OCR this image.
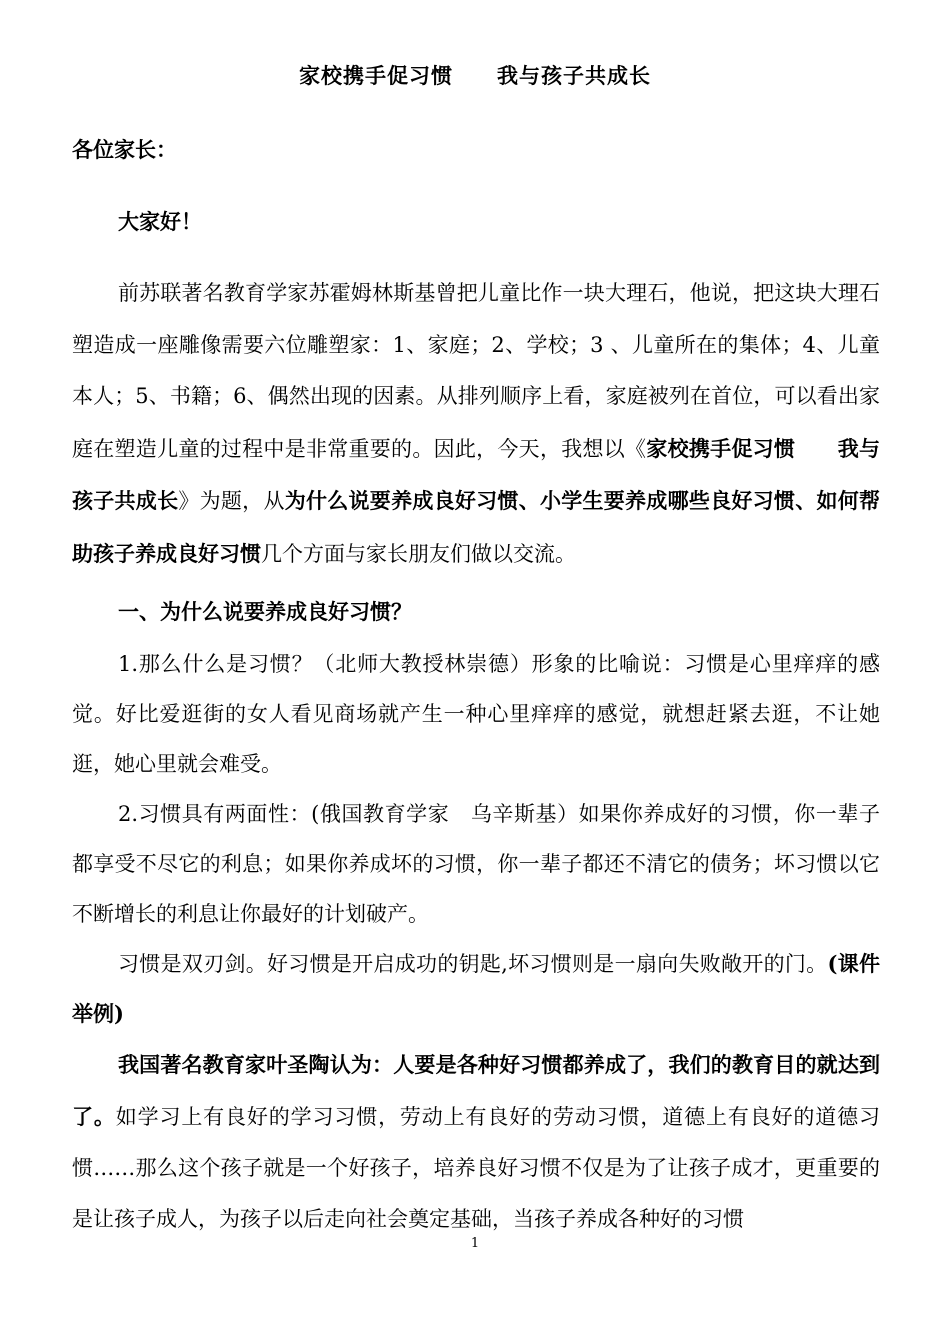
家校携手促习惯　　我与孩子共成长
各位家长：
大家好！
前苏联著名教育学家苏霍姆林斯基曾把儿童比作一块大理石，他说，把这块大理石塑造成一座雕像需要六位雕塑家：1、家庭；2、学校；3 、儿童所在的集体；4、儿童本人；5、书籍；6、偶然出现的因素。从排列顺序上看，家庭被列在首位，可以看出家庭在塑造儿童的过程中是非常重要的。因此，今天，我想以《家校携手促习惯　　 我与孩子共成长》为题，从为什么说要养成良好习惯、小学生要养成哪些良好习惯、如何帮助孩子养成良好习惯几个方面与家长朋友们做以交流。
一、为什么说要养成良好习惯？
1.那么什么是习惯？（北师大教授林崇德）形象的比喻说：习惯是心里痒痒的感觉。好比爱逛街的女人看见商场就产生一种心里痒痒的感觉，就想赶紧去逛，不让她逛，她心里就会难受。
2.习惯具有两面性：(俄国教育学家　乌辛斯基）如果你养成好的习惯，你一辈子都享受不尽它的利息；如果你养成坏的习惯，你一辈子都还不清它的债务；坏习惯以它不断增长的利息让你最好的计划破产。
习惯是双刃剑。好习惯是开启成功的钥匙,坏习惯则是一扇向失败敞开的门。(课件举例)
我国著名教育家叶圣陶认为：人要是各种好习惯都养成了，我们的教育目的就达到了。如学习上有良好的学习习惯，劳动上有良好的劳动习惯，道德上有良好的道德习惯……那么这个孩子就是一个好孩子，培养良好习惯不仅是为了让孩子成才，更重要的是让孩子成人，为孩子以后走向社会奠定基础，当孩子养成各种好的习惯
1
